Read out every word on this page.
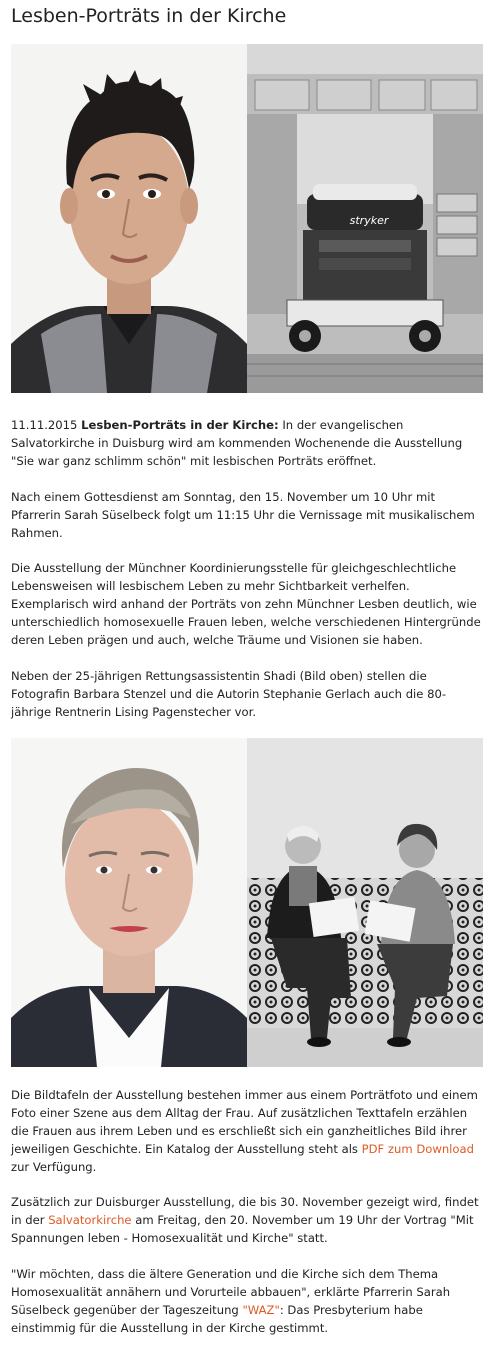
Lesben-Porträts in der Kirche
stryker

11.11.2015 Lesben-Porträts in der Kirche: In der evangelischen Salvatorkirche in Duisburg wird am kommenden Wochenende die Ausstellung "Sie war ganz schlimm schön" mit lesbischen Porträts eröffnet.

Nach einem Gottesdienst am Sonntag, den 15. November um 10 Uhr mit Pfarrerin Sarah Süselbeck folgt um 11:15 Uhr die Vernissage mit musikalischem Rahmen.

Die Ausstellung der Münchner Koordinierungsstelle für gleichgeschlechtliche Lebensweisen will lesbischem Leben zu mehr Sichtbarkeit verhelfen. Exemplarisch wird anhand der Porträts von zehn Münchner Lesben deutlich, wie unterschiedlich homosexuelle Frauen leben, welche verschiedenen Hintergründe deren Leben prägen und auch, welche Träume und Visionen sie haben.

Neben der 25-jährigen Rettungsassistentin Shadi (Bild oben) stellen die Fotografin Barbara Stenzel und die Autorin Stephanie Gerlach auch die 80-jährige Rentnerin Lising Pagenstecher vor.

Die Bildtafeln der Ausstellung bestehen immer aus einem Porträtfoto und einem Foto einer Szene aus dem Alltag der Frau. Auf zusätzlichen Texttafeln erzählen die Frauen aus ihrem Leben und es erschließt sich ein ganzheitliches Bild ihrer jeweiligen Geschichte. Ein Katalog der Ausstellung steht als PDF zum Download zur Verfügung.

Zusätzlich zur Duisburger Ausstellung, die bis 30. November gezeigt wird, findet in der Salvatorkirche am Freitag, den 20. November um 19 Uhr der Vortrag "Mit Spannungen leben - Homosexualität und Kirche" statt.

"Wir möchten, dass die ältere Generation und die Kirche sich dem Thema Homosexualität annähern und Vorurteile abbauen", erklärte Pfarrerin Sarah Süselbeck gegenüber der Tageszeitung "WAZ": Das Presbyterium habe einstimmig für die Ausstellung in der Kirche gestimmt.
